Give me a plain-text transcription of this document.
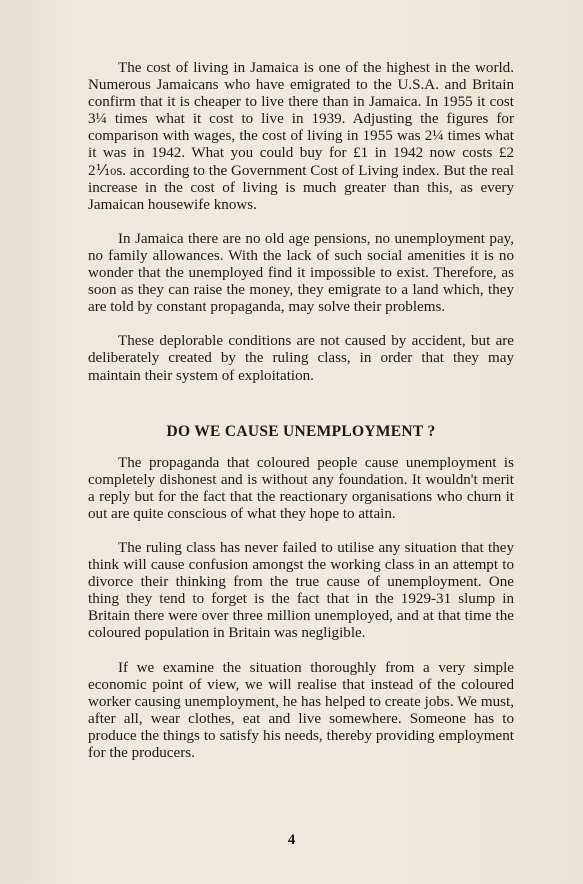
The cost of living in Jamaica is one of the highest in the world. Numerous Jamaicans who have emigrated to the U.S.A. and Britain confirm that it is cheaper to live there than in Jamaica. In 1955 it cost 3¼ times what it cost to live in 1939. Adjusting the figures for comparison with wages, the cost of living in 1955 was 2¼ times what it was in 1942. What you could buy for £1 in 1942 now costs £2 2⅒s. according to the Government Cost of Living index. But the real increase in the cost of living is much greater than this, as every Jamaican housewife knows.

In Jamaica there are no old age pensions, no unemployment pay, no family allowances. With the lack of such social amenities it is no wonder that the unemployed find it impossible to exist. Therefore, as soon as they can raise the money, they emigrate to a land which, they are told by constant propaganda, may solve their problems.

These deplorable conditions are not caused by accident, but are deliberately created by the ruling class, in order that they may maintain their system of exploitation.

DO WE CAUSE UNEMPLOYMENT ?

The propaganda that coloured people cause unemployment is completely dishonest and is without any foundation. It wouldn't merit a reply but for the fact that the reactionary organisations who churn it out are quite conscious of what they hope to attain.

The ruling class has never failed to utilise any situation that they think will cause confusion amongst the working class in an attempt to divorce their thinking from the true cause of unemployment. One thing they tend to forget is the fact that in the 1929-31 slump in Britain there were over three million unemployed, and at that time the coloured population in Britain was negligible.

If we examine the situation thoroughly from a very simple economic point of view, we will realise that instead of the coloured worker causing unemployment, he has helped to create jobs. We must, after all, wear clothes, eat and live somewhere. Someone has to produce the things to satisfy his needs, thereby providing employment for the producers.

4
